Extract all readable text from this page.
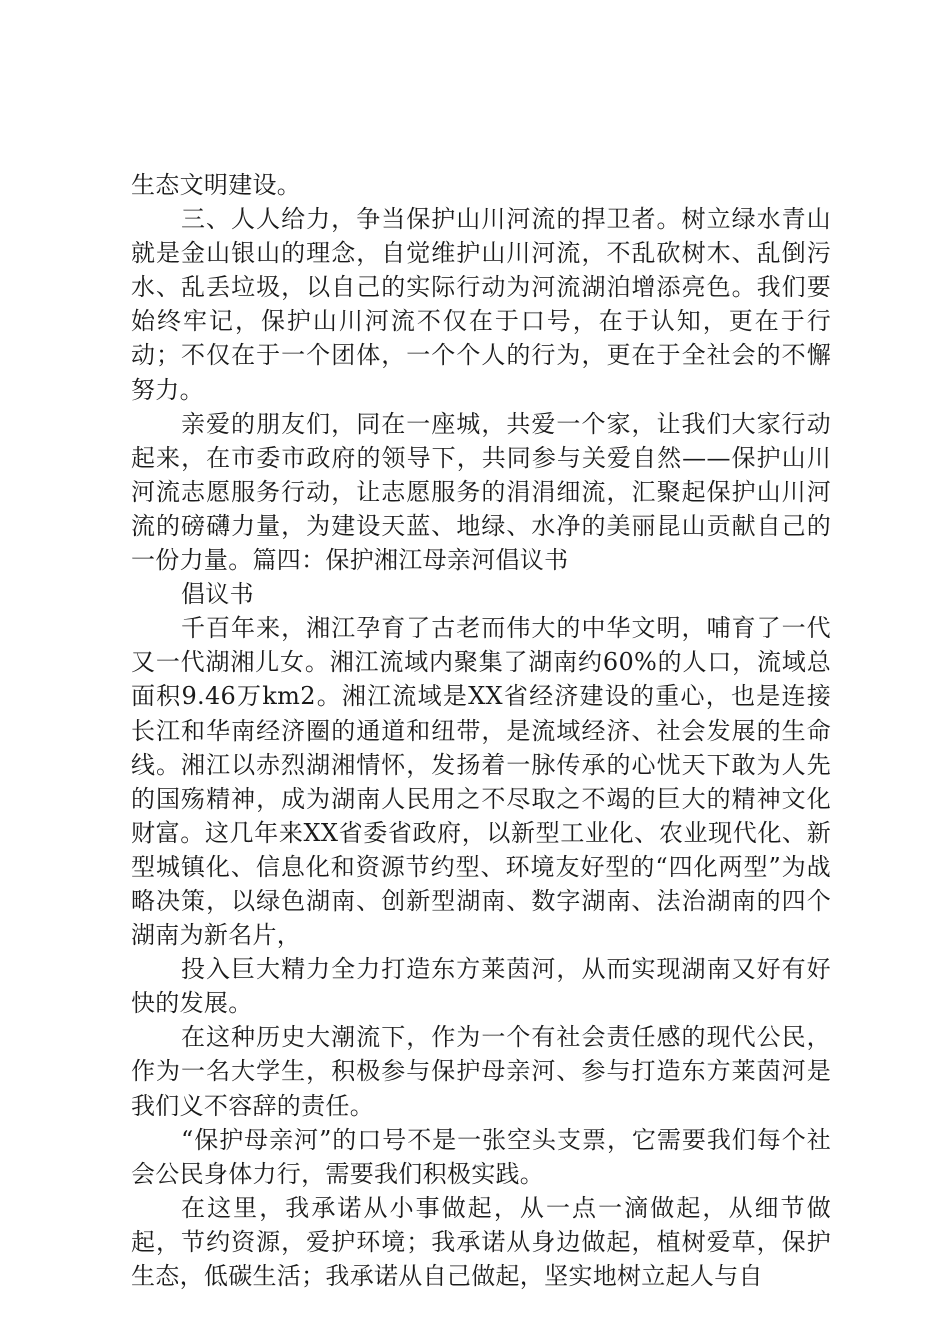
生态文明建设。

三、人人给力，争当保护山川河流的捍卫者。树立绿水青山就是金山银山的理念，自觉维护山川河流，不乱砍树木、乱倒污水、乱丢垃圾，以自己的实际行动为河流湖泊增添亮色。我们要始终牢记，保护山川河流不仅在于口号，在于认知，更在于行动；不仅在于一个团体，一个个人的行为，更在于全社会的不懈努力。

亲爱的朋友们，同在一座城，共爱一个家，让我们大家行动起来，在市委市政府的领导下，共同参与关爱自然——保护山川河流志愿服务行动，让志愿服务的涓涓细流，汇聚起保护山川河流的磅礴力量，为建设天蓝、地绿、水净的美丽昆山贡献自己的一份力量。篇四：保护湘江母亲河倡议书

倡议书

千百年来，湘江孕育了古老而伟大的中华文明，哺育了一代又一代湖湘儿女。湘江流域内聚集了湖南约60%的人口，流域总面积9.46万km2。湘江流域是XX省经济建设的重心，也是连接长江和华南经济圈的通道和纽带，是流域经济、社会发展的生命线。湘江以赤烈湖湘情怀，发扬着一脉传承的心忧天下敢为人先的国殇精神，成为湖南人民用之不尽取之不竭的巨大的精神文化财富。这几年来XX省委省政府，以新型工业化、农业现代化、新型城镇化、信息化和资源节约型、环境友好型的“四化两型”为战略决策，以绿色湖南、创新型湖南、数字湖南、法治湖南的四个湖南为新名片，

投入巨大精力全力打造东方莱茵河，从而实现湖南又好有好快的发展。

在这种历史大潮流下，作为一个有社会责任感的现代公民，作为一名大学生，积极参与保护母亲河、参与打造东方莱茵河是我们义不容辞的责任。

“保护母亲河”的口号不是一张空头支票，它需要我们每个社会公民身体力行，需要我们积极实践。

在这里，我承诺从小事做起，从一点一滴做起，从细节做起，节约资源，爱护环境；我承诺从身边做起，植树爱草，保护生态，低碳生活；我承诺从自己做起，坚实地树立起人与自
